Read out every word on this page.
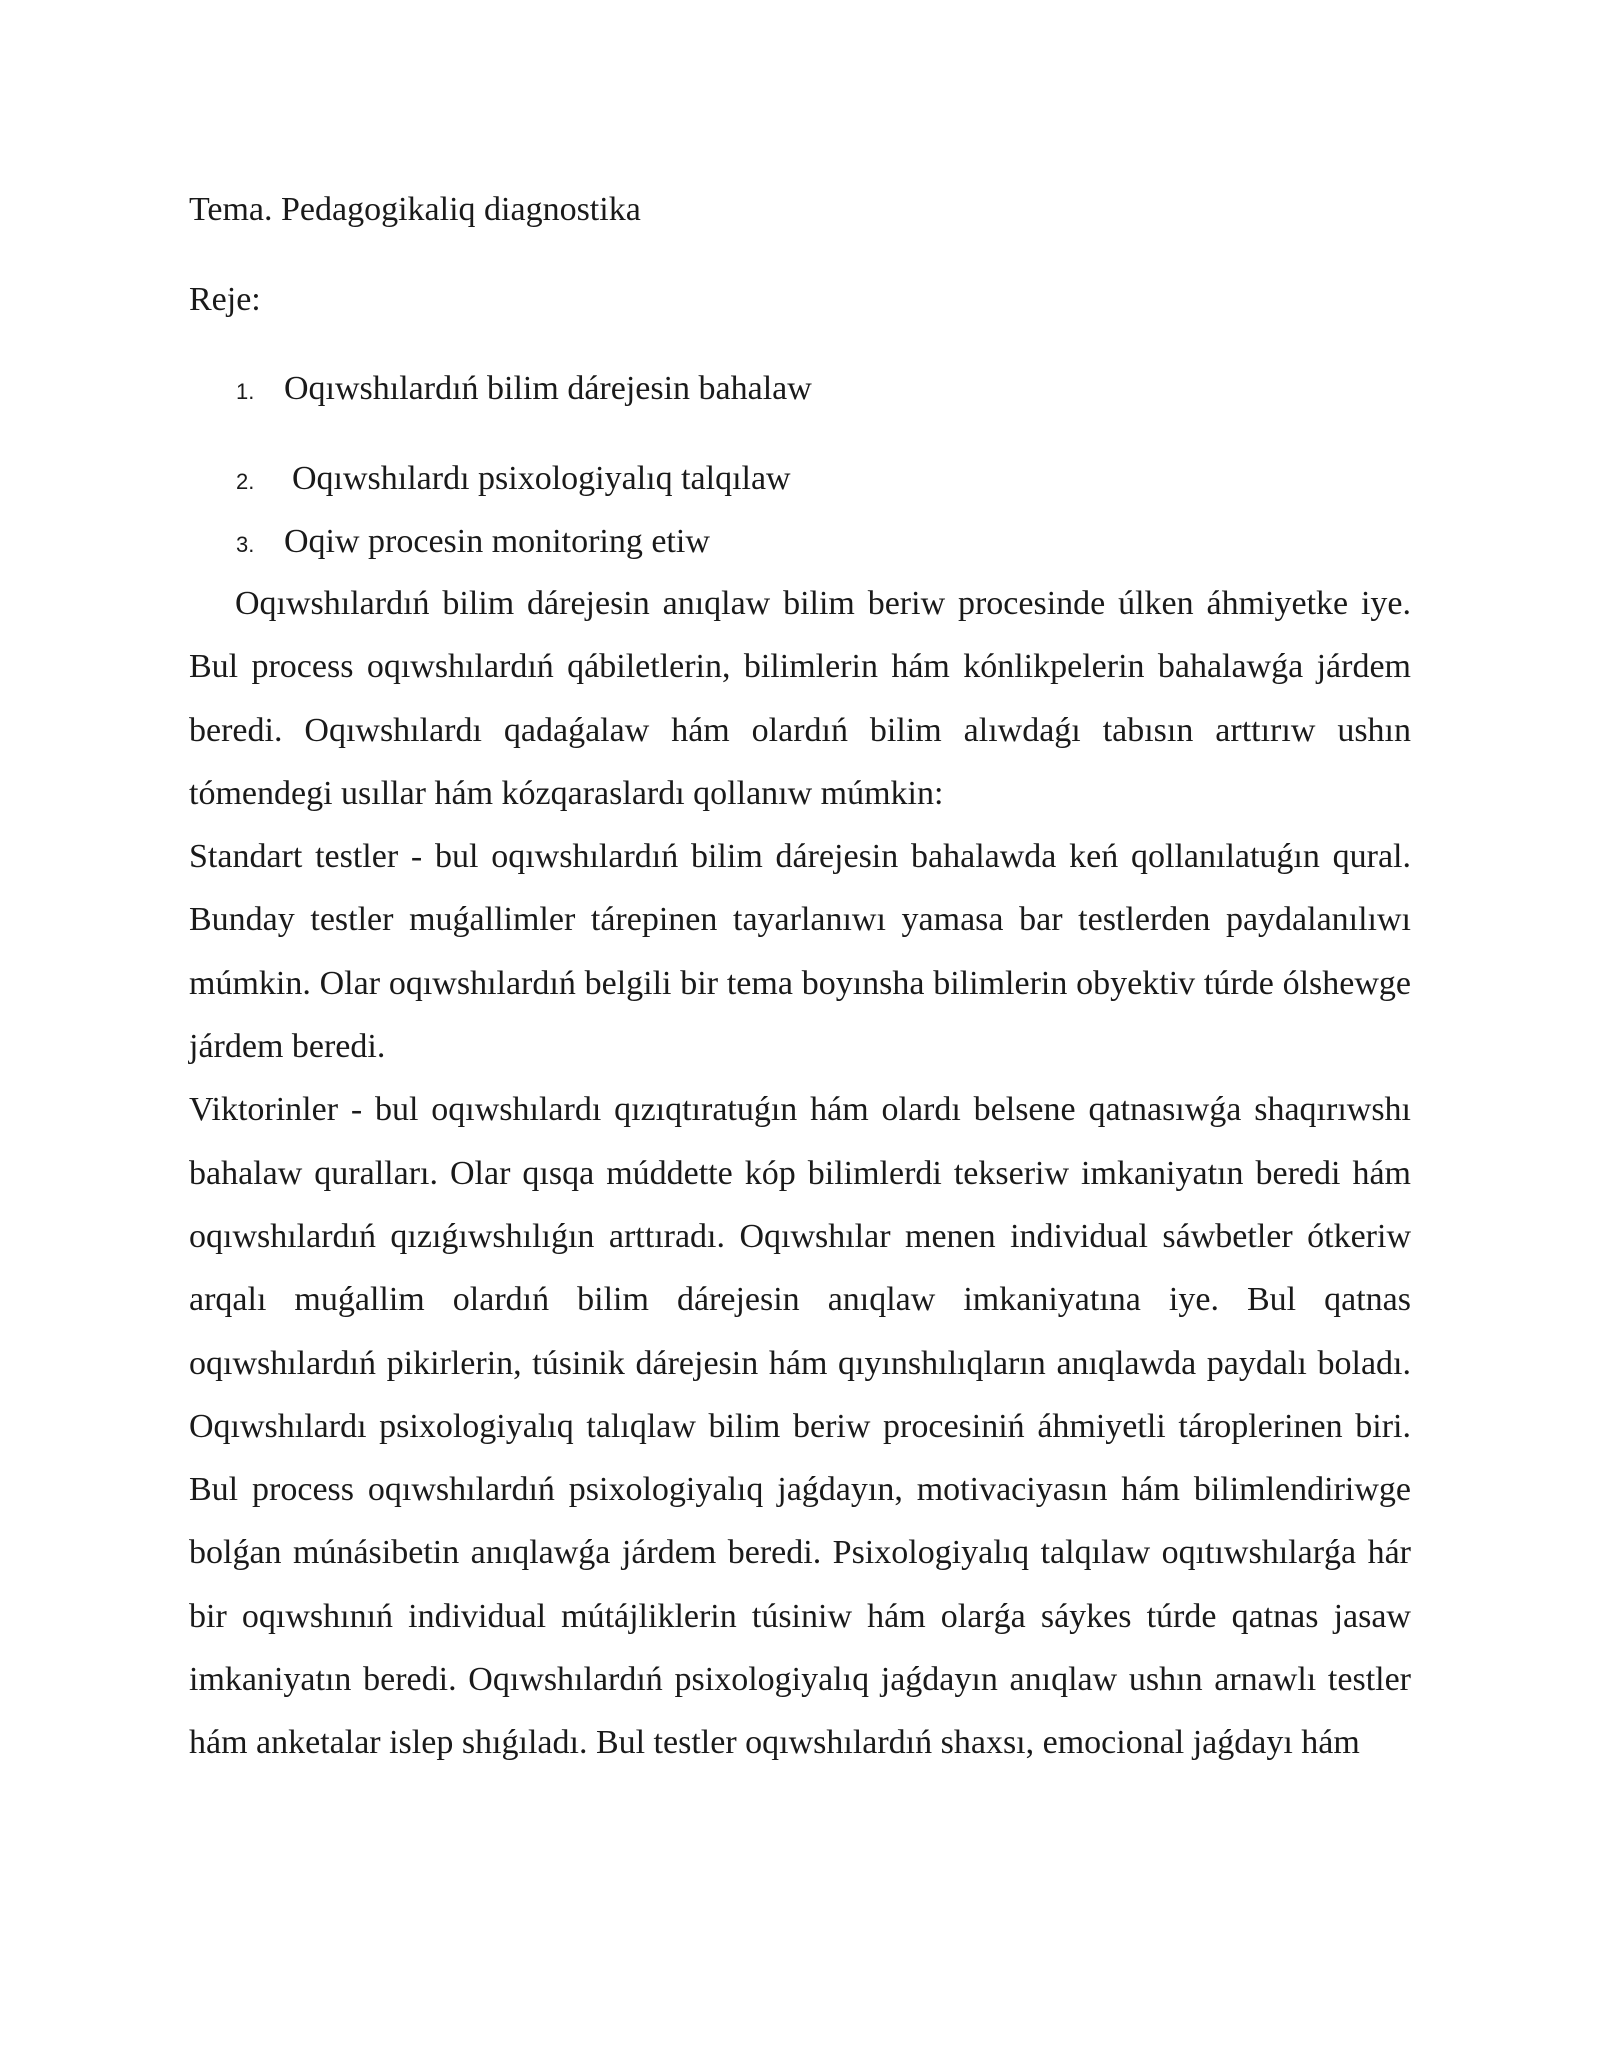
Tema. Pedagogikaliq diagnostika

Reje:

1. Oqıwshılardıń bilim dárejesin bahalaw
2. Oqıwshılardı psixologiyalıq talqılaw
3. Oqiw procesin monitoring etiw

Oqıwshılardıń bilim dárejesin anıqlaw bilim beriw procesinde úlken áhmiyetke iye. Bul process oqıwshılardıń qábiletlerin, bilimlerin hám kónlikpelerin bahalawǵa járdem beredi. Oqıwshılardı qadaǵalaw hám olardıń bilim alıwdaǵı tabısın arttırıw ushın tómendegi usıllar hám kózqaraslardı qollanıw múmkin:

Standart testler - bul oqıwshılardıń bilim dárejesin bahalawda keń qollanılatuǵın qural. Bunday testler muǵallimler tárepinen tayarlanıwı yamasa bar testlerden paydalanılıwı múmkin. Olar oqıwshılardıń belgili bir tema boyınsha bilimlerin obyektiv túrde ólshewge járdem beredi.

Viktorinler - bul oqıwshılardı qızıqtıratuǵın hám olardı belsene qatnasıwǵa shaqırıwshı bahalaw quralları. Olar qısqa múddette kóp bilimlerdi tekseriw imkaniyatın beredi hám oqıwshılardıń qızıǵıwshılıǵın arttıradı. Oqıwshılar menen individual sáwbetler ótkeriw arqalı muǵallim olardıń bilim dárejesin anıqlaw imkaniyatına iye. Bul qatnas oqıwshılardıń pikirlerin, túsinik dárejesin hám qıyınshılıqların anıqlawda paydalı boladı. Oqıwshılardı psixologiyalıq talıqlaw bilim beriw procesiniń áhmiyetli tároplerinen biri. Bul process oqıwshılardıń psixologiyalıq jaǵdayın, motivaciyasın hám bilimlendiriwge bolǵan múnásibetin anıqlawǵa járdem beredi. Psixologiyalıq talqılaw oqıtıwshılarǵa hár bir oqıwshınıń individual mútájliklerin túsiniw hám olarǵa sáykes túrde qatnas jasaw imkaniyatın beredi. Oqıwshılardıń psixologiyalıq jaǵdayın anıqlaw ushın arnawlı testler hám anketalar islep shıǵıladı. Bul testler oqıwshılardıń shaxsı, emocional jaǵdayı hám
